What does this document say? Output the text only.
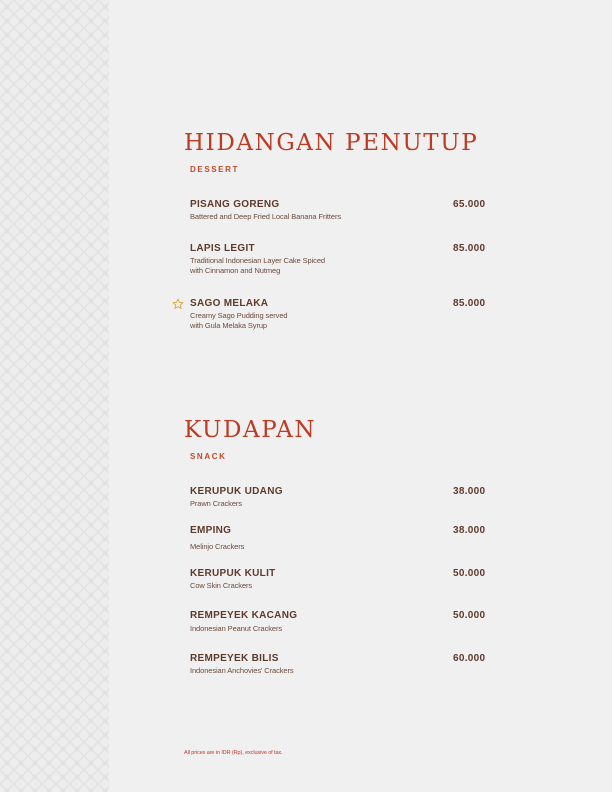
HIDANGAN PENUTUP
DESSERT
PISANG GORENG
Battered and Deep Fried Local Banana Fritters
65.000
LAPIS LEGIT
Traditional Indonesian Layer Cake Spiced
with Cinnamon and Nutmeg
85.000
SAGO MELAKA
Creamy Sago Pudding served
with Gula Melaka Syrup
85.000
KUDAPAN
SNACK
KERUPUK UDANG
Prawn Crackers
38.000
EMPING
Melinjo Crackers
38.000
KERUPUK KULIT
Cow Skin Crackers
50.000
REMPEYEK KACANG
Indonesian Peanut Crackers
50.000
REMPEYEK BILIS
Indonesian Anchovies' Crackers
60.000
All prices are in IDR (Rp), exclusive of tax.
